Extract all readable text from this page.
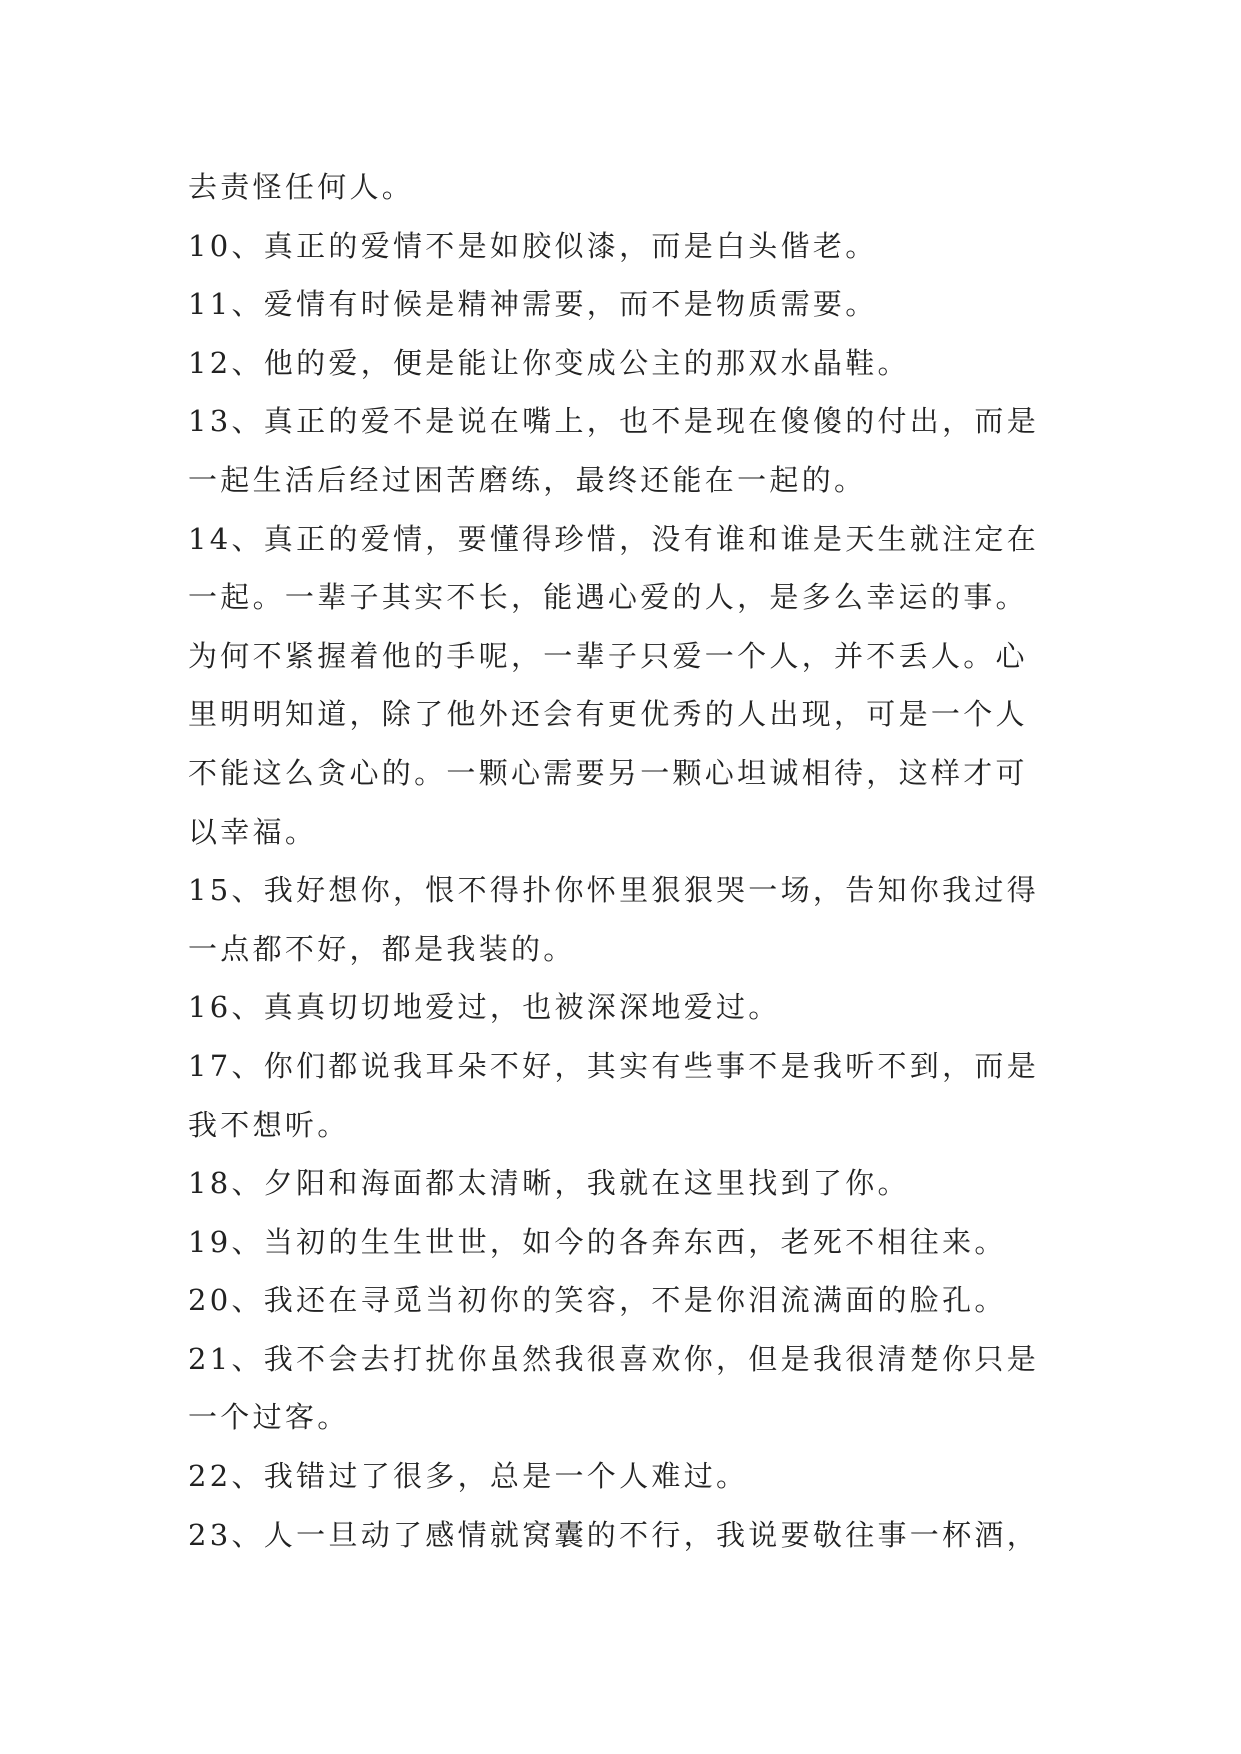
去责怪任何人。
10、真正的爱情不是如胶似漆，而是白头偕老。
11、爱情有时候是精神需要，而不是物质需要。
12、他的爱，便是能让你变成公主的那双水晶鞋。
13、真正的爱不是说在嘴上，也不是现在傻傻的付出，而是
一起生活后经过困苦磨练，最终还能在一起的。
14、真正的爱情，要懂得珍惜，没有谁和谁是天生就注定在
一起。一辈子其实不长，能遇心爱的人，是多么幸运的事。
为何不紧握着他的手呢，一辈子只爱一个人，并不丢人。心
里明明知道，除了他外还会有更优秀的人出现，可是一个人
不能这么贪心的。一颗心需要另一颗心坦诚相待，这样才可
以幸福。
15、我好想你，恨不得扑你怀里狠狠哭一场，告知你我过得
一点都不好，都是我装的。
16、真真切切地爱过，也被深深地爱过。
17、你们都说我耳朵不好，其实有些事不是我听不到，而是
我不想听。
18、夕阳和海面都太清晰，我就在这里找到了你。
19、当初的生生世世，如今的各奔东西，老死不相往来。
20、我还在寻觅当初你的笑容，不是你泪流满面的脸孔。
21、我不会去打扰你虽然我很喜欢你，但是我很清楚你只是
一个过客。
22、我错过了很多，总是一个人难过。
23、人一旦动了感情就窝囊的不行，我说要敬往事一杯酒，
